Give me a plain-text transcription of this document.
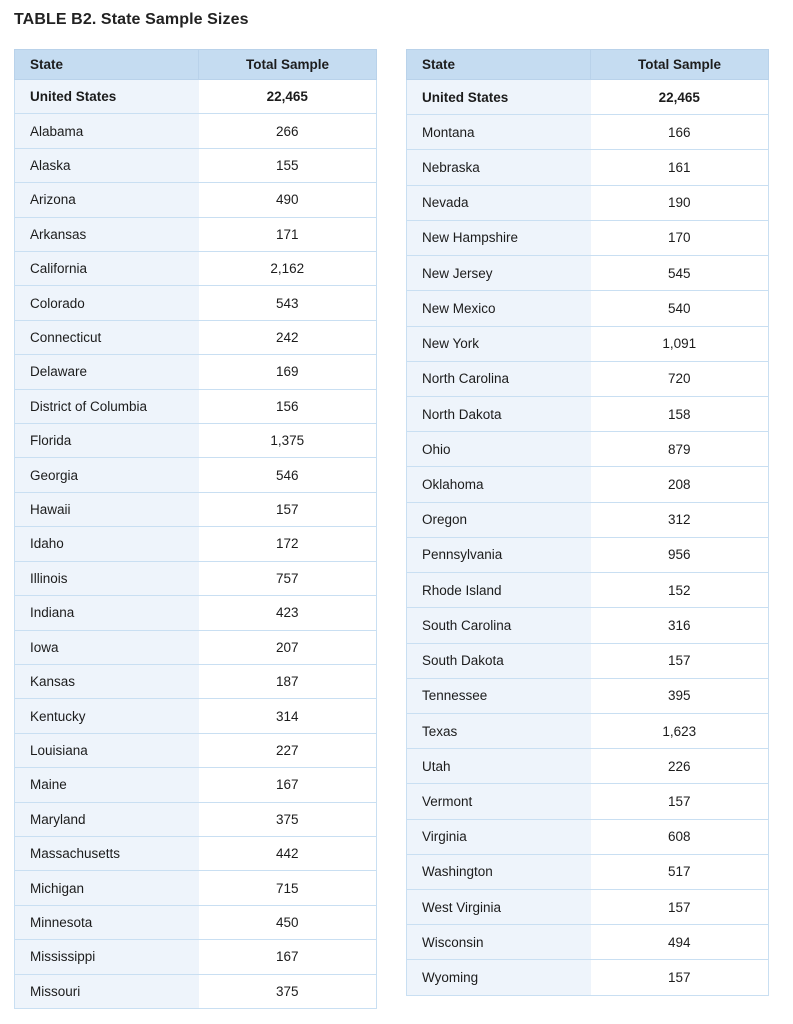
TABLE B2. State Sample Sizes
State	Total Sample
United States	22,465
Alabama	266
Alaska	155
Arizona	490
Arkansas	171
California	2,162
Colorado	543
Connecticut	242
Delaware	169
District of Columbia	156
Florida	1,375
Georgia	546
Hawaii	157
Idaho	172
Illinois	757
Indiana	423
Iowa	207
Kansas	187
Kentucky	314
Louisiana	227
Maine	167
Maryland	375
Massachusetts	442
Michigan	715
Minnesota	450
Mississippi	167
Missouri	375
State	Total Sample
United States	22,465
Montana	166
Nebraska	161
Nevada	190
New Hampshire	170
New Jersey	545
New Mexico	540
New York	1,091
North Carolina	720
North Dakota	158
Ohio	879
Oklahoma	208
Oregon	312
Pennsylvania	956
Rhode Island	152
South Carolina	316
South Dakota	157
Tennessee	395
Texas	1,623
Utah	226
Vermont	157
Virginia	608
Washington	517
West Virginia	157
Wisconsin	494
Wyoming	157
